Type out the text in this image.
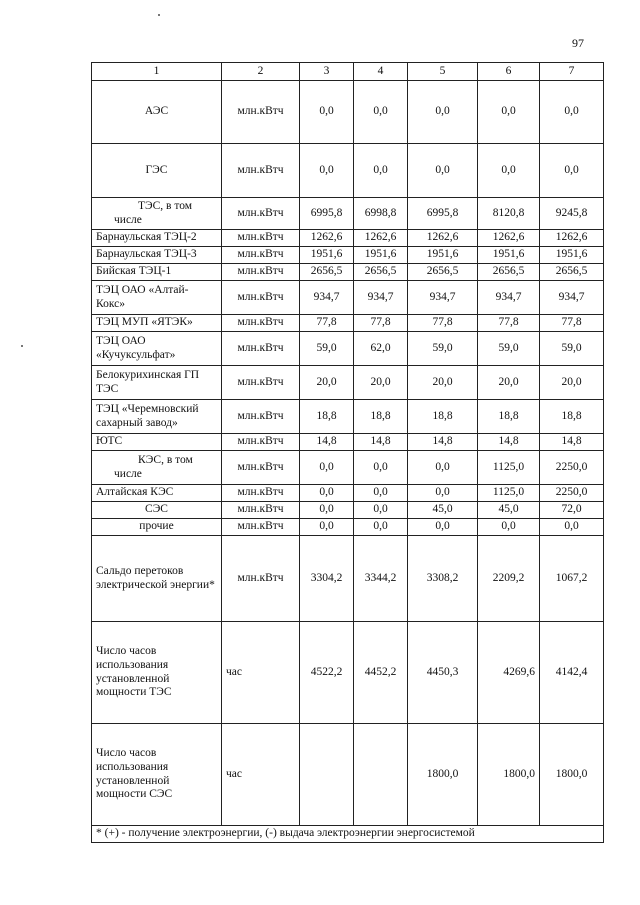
97
1	2	3	4	5	6	7
АЭС	млн.кВтч	0,0	0,0	0,0	0,0	0,0
ГЭС	млн.кВтч	0,0	0,0	0,0	0,0	0,0
ТЭС, в том числе	млн.кВтч	6995,8	6998,8	6995,8	8120,8	9245,8
Барнаульская ТЭЦ-2	млн.кВтч	1262,6	1262,6	1262,6	1262,6	1262,6
Барнаульская ТЭЦ-3	млн.кВтч	1951,6	1951,6	1951,6	1951,6	1951,6
Бийская ТЭЦ-1	млн.кВтч	2656,5	2656,5	2656,5	2656,5	2656,5
ТЭЦ ОАО «Алтай-Кокс»	млн.кВтч	934,7	934,7	934,7	934,7	934,7
ТЭЦ МУП «ЯТЭК»	млн.кВтч	77,8	77,8	77,8	77,8	77,8
ТЭЦ ОАО «Кучуксульфат»	млн.кВтч	59,0	62,0	59,0	59,0	59,0
Белокурихинская ГП ТЭС	млн.кВтч	20,0	20,0	20,0	20,0	20,0
ТЭЦ «Черемновский сахарный завод»	млн.кВтч	18,8	18,8	18,8	18,8	18,8
ЮТС	млн.кВтч	14,8	14,8	14,8	14,8	14,8
КЭС, в том числе	млн.кВтч	0,0	0,0	0,0	1125,0	2250,0
Алтайская КЭС	млн.кВтч	0,0	0,0	0,0	1125,0	2250,0
СЭС	млн.кВтч	0,0	0,0	45,0	45,0	72,0
прочие	млн.кВтч	0,0	0,0	0,0	0,0	0,0
Сальдо перетоков электрической энергии*	млн.кВтч	3304,2	3344,2	3308,2	2209,2	1067,2
Число часов использования установленной мощности ТЭС	час	4522,2	4452,2	4450,3	4269,6	4142,4
Число часов использования установленной мощности СЭС	час			1800,0	1800,0	1800,0
* (+) - получение электроэнергии, (-) выдача электроэнергии энергосистемой						
